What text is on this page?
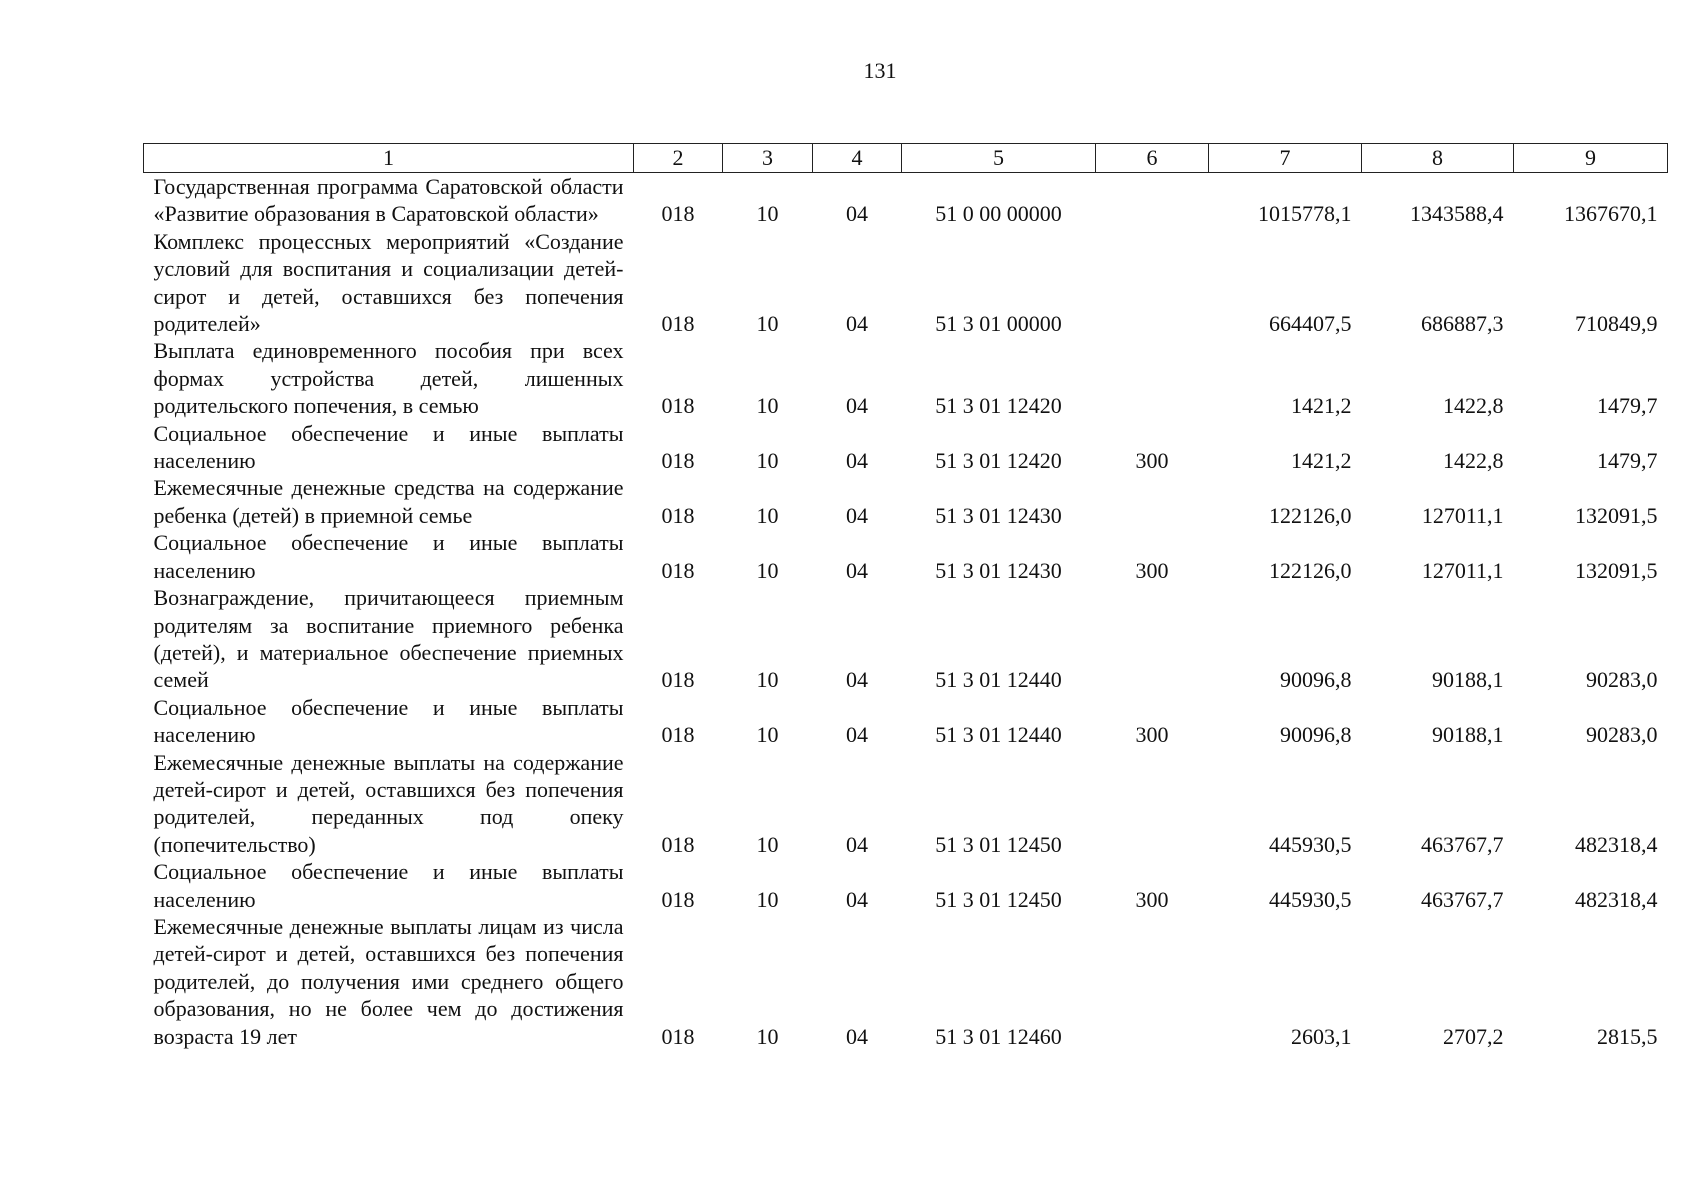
131
1	2	3	4	5	6	7	8	9
Государственная программа Саратовской области «Развитие образования в Саратовской области»	018	10	04	51 0 00 00000		1015778,1	1343588,4	1367670,1
Комплекс процессных мероприятий «Создание условий для воспитания и социализации детей-сирот и детей, оставшихся без попечения родителей»	018	10	04	51 3 01 00000		664407,5	686887,3	710849,9
Выплата единовременного пособия при всех формах устройства детей, лишенных родительского попечения, в семью	018	10	04	51 3 01 12420		1421,2	1422,8	1479,7
Социальное обеспечение и иные выплаты населению	018	10	04	51 3 01 12420	300	1421,2	1422,8	1479,7
Ежемесячные денежные средства на содержание ребенка (детей) в приемной семье	018	10	04	51 3 01 12430		122126,0	127011,1	132091,5
Социальное обеспечение и иные выплаты населению	018	10	04	51 3 01 12430	300	122126,0	127011,1	132091,5
Вознаграждение, причитающееся приемным родителям за воспитание приемного ребенка (детей), и материальное обеспечение приемных семей	018	10	04	51 3 01 12440		90096,8	90188,1	90283,0
Социальное обеспечение и иные выплаты населению	018	10	04	51 3 01 12440	300	90096,8	90188,1	90283,0
Ежемесячные денежные выплаты на содержание детей-сирот и детей, оставшихся без попечения родителей, переданных под опеку (попечительство)	018	10	04	51 3 01 12450		445930,5	463767,7	482318,4
Социальное обеспечение и иные выплаты населению	018	10	04	51 3 01 12450	300	445930,5	463767,7	482318,4
Ежемесячные денежные выплаты лицам из числа детей-сирот и детей, оставшихся без попечения родителей, до получения ими среднего общего образования, но не более чем до достижения возраста 19 лет	018	10	04	51 3 01 12460		2603,1	2707,2	2815,5
